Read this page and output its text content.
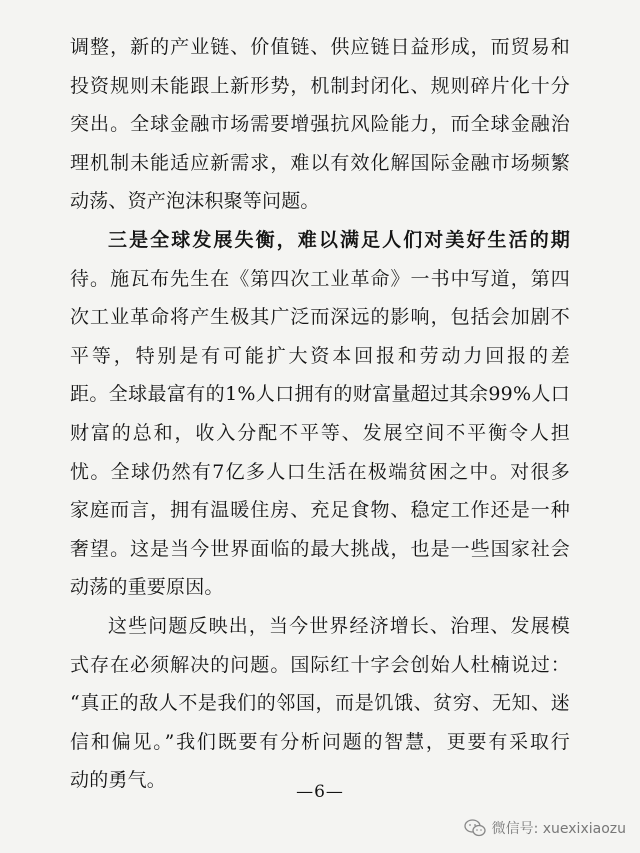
调整，新的产业链、价值链、供应链日益形成，而贸易和
投资规则未能跟上新形势，机制封闭化、规则碎片化十分
突出。全球金融市场需要增强抗风险能力，而全球金融治
理机制未能适应新需求，难以有效化解国际金融市场频繁
动荡、资产泡沫积聚等问题。
三是全球发展失衡，难以满足人们对美好生活的期
待。施瓦布先生在《第四次工业革命》一书中写道，第四
次工业革命将产生极其广泛而深远的影响，包括会加剧不
平等，特别是有可能扩大资本回报和劳动力回报的差
距。全球最富有的1%人口拥有的财富量超过其余99%人口
财富的总和，收入分配不平等、发展空间不平衡令人担
忧。全球仍然有7亿多人口生活在极端贫困之中。对很多
家庭而言，拥有温暖住房、充足食物、稳定工作还是一种
奢望。这是当今世界面临的最大挑战，也是一些国家社会
动荡的重要原因。
这些问题反映出，当今世界经济增长、治理、发展模
式存在必须解决的问题。国际红十字会创始人杜楠说过：
“真正的敌人不是我们的邻国，而是饥饿、贫穷、无知、迷
信和偏见。”我们既要有分析问题的智慧，更要有采取行
动的勇气。
—6—
微信号: xuexixiaozu
